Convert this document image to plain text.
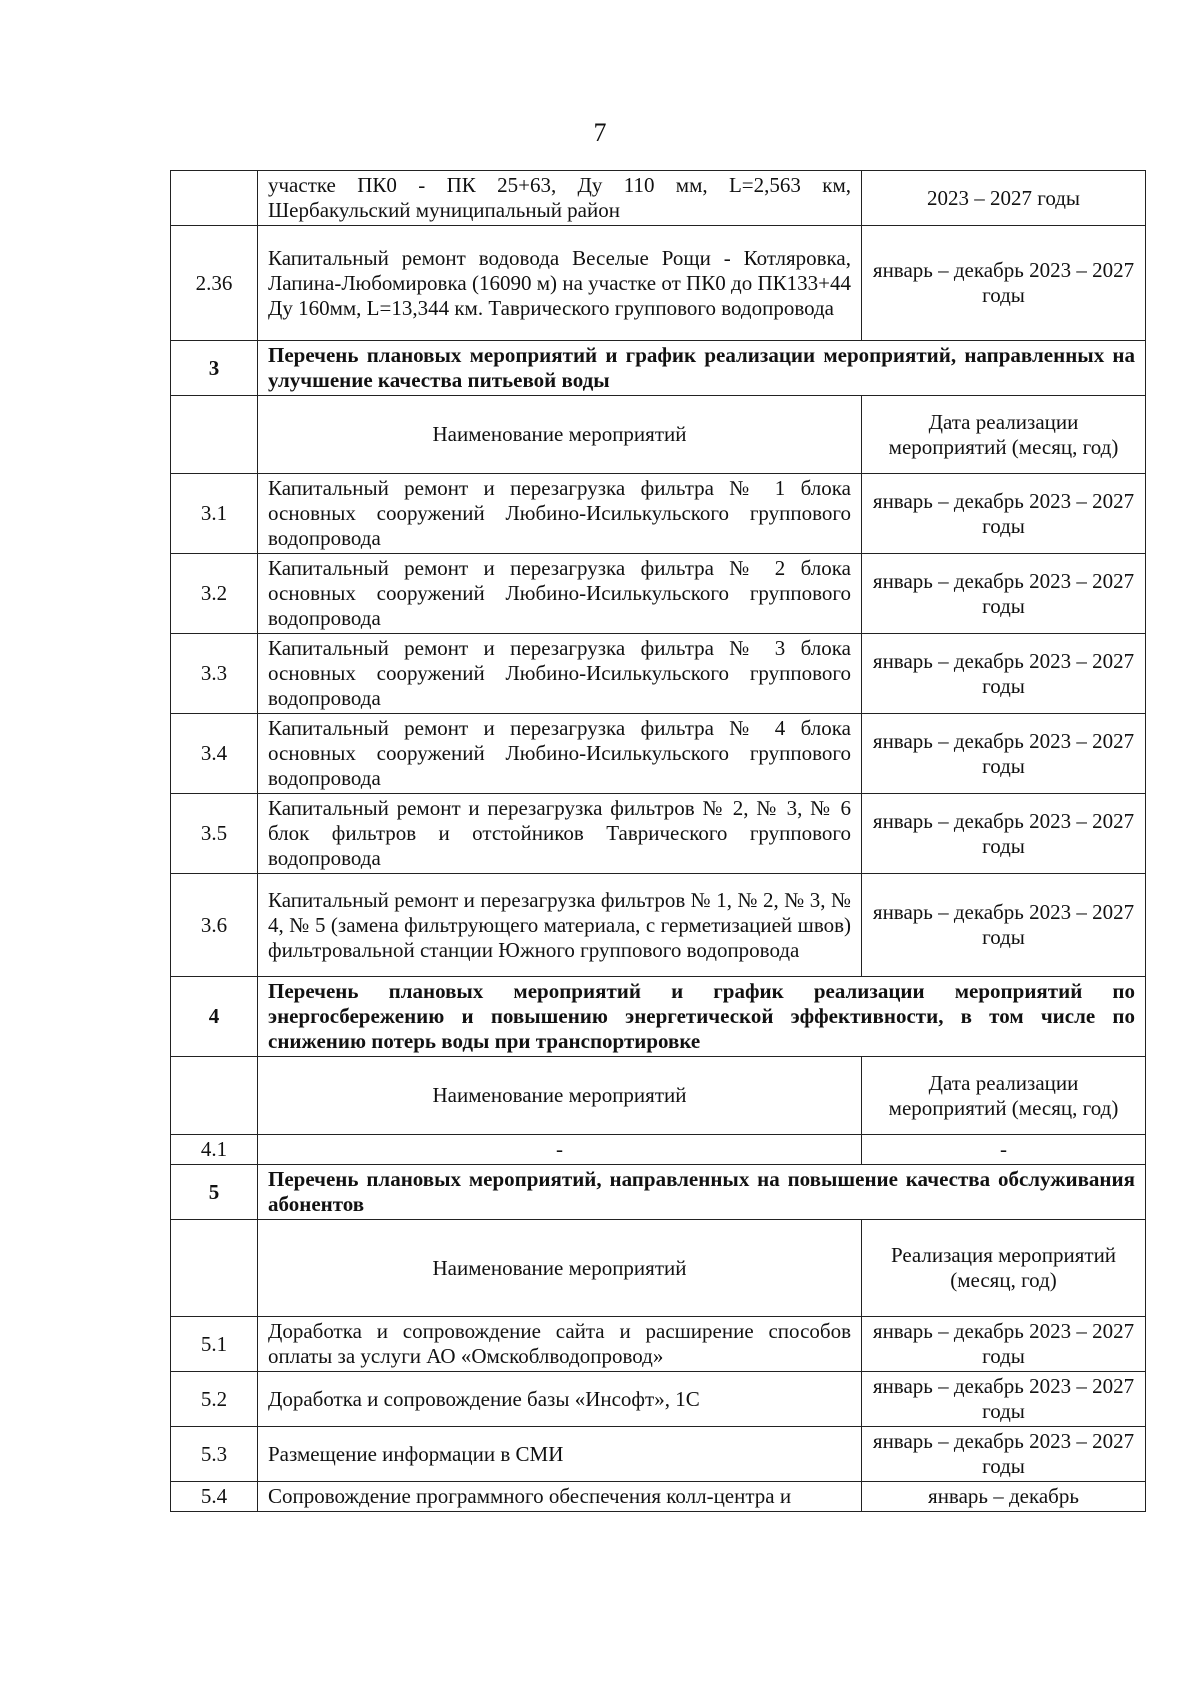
7
	участке ПК0 - ПК 25+63, Ду 110 мм, L=2,563 км, Шербакульский муниципальный район	2023 – 2027 годы
2.36	Капитальный ремонт водовода Веселые Рощи - Котляровка, Лапина-Любомировка (16090 м) на участке от ПК0 до ПК133+44 Ду 160мм, L=13,344 км. Таврического группового водопровода	январь – декабрь 2023 – 2027 годы
3	Перечень плановых мероприятий и график реализации мероприятий, направленных на улучшение качества питьевой воды	
	Наименование мероприятий	Дата реализации мероприятий (месяц, год)
3.1	Капитальный ремонт и перезагрузка фильтра № 1 блока основных сооружений Любино-Исилькульского группового водопровода	январь – декабрь 2023 – 2027 годы
3.2	Капитальный ремонт и перезагрузка фильтра № 2 блока основных сооружений Любино-Исилькульского группового водопровода	январь – декабрь 2023 – 2027 годы
3.3	Капитальный ремонт и перезагрузка фильтра № 3 блока основных сооружений Любино-Исилькульского группового водопровода	январь – декабрь 2023 – 2027 годы
3.4	Капитальный ремонт и перезагрузка фильтра № 4 блока основных сооружений Любино-Исилькульского группового водопровода	январь – декабрь 2023 – 2027 годы
3.5	Капитальный ремонт и перезагрузка фильтров № 2, № 3, № 6 блок фильтров и отстойников Таврического группового водопровода	январь – декабрь 2023 – 2027 годы
3.6	Капитальный ремонт и перезагрузка фильтров № 1, № 2, № 3, № 4, № 5 (замена фильтрующего материала, с герметизацией швов) фильтровальной станции Южного группового водопровода	январь – декабрь 2023 – 2027 годы
4	Перечень плановых мероприятий и график реализации мероприятий по энергосбережению и повышению энергетической эффективности, в том числе по снижению потерь воды при транспортировке	
	Наименование мероприятий	Дата реализации мероприятий (месяц, год)
4.1	-	-
5	Перечень плановых мероприятий, направленных на повышение качества обслуживания абонентов	
	Наименование мероприятий	Реализация мероприятий (месяц, год)
5.1	Доработка и сопровождение сайта и расширение способов оплаты за услуги АО «Омскоблводопровод»	январь – декабрь 2023 – 2027 годы
5.2	Доработка и сопровождение базы «Инсофт», 1С	январь – декабрь 2023 – 2027 годы
5.3	Размещение информации в СМИ	январь – декабрь 2023 – 2027 годы
5.4	Сопровождение программного обеспечения колл-центра и	январь – декабрь
